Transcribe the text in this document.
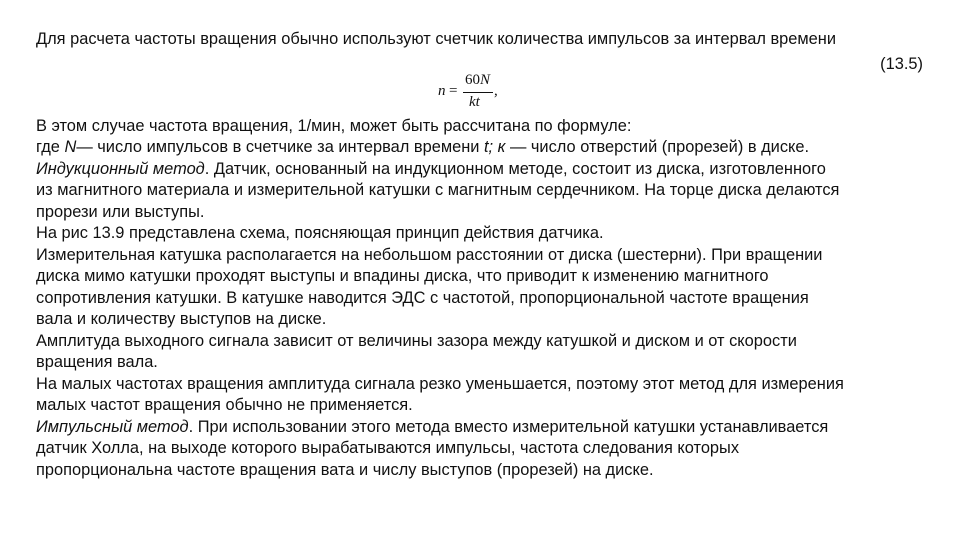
Для расчета частоты вращения обычно используют счетчик количества импульсов за интервал времени
(13.5)
n =
60N
kt
,
В этом случае частота вращения, 1/мин, может быть рассчитана по формуле:
где N— число импульсов в счетчике за интервал времени t; к — число отверстий (прорезей) в диске.
Индукционный метод. Датчик, основанный на индукционном методе, состоит из диска, изготовленного
из магнитного материала и измерительной катушки с магнитным сердечником. На торце диска делаются
прорези или выступы.
На рис 13.9 представлена схема, поясняющая принцип действия датчика.
Измерительная катушка располагается на небольшом расстоянии от диска (шестерни). При вращении
диска мимо катушки проходят выступы и впадины диска, что приводит к изменению магнитного
сопротивления катушки. В катушке наводится ЭДС с частотой, пропорциональной частоте вращения
вала и количеству выступов на диске.
Амплитуда выходного сигнала зависит от величины зазора между катушкой и диском и от скорости
вращения вала.
На малых частотах вращения амплитуда сигнала резко уменьшается, поэтому этот метод для измерения
малых частот вращения обычно не применяется.
Импульсный метод. При использовании этого метода вместо измерительной катушки устанавливается
датчик Холла, на выходе которого вырабатываются импульсы, частота следования которых
пропорциональна частоте вращения вата и числу выступов (прорезей) на диске.
